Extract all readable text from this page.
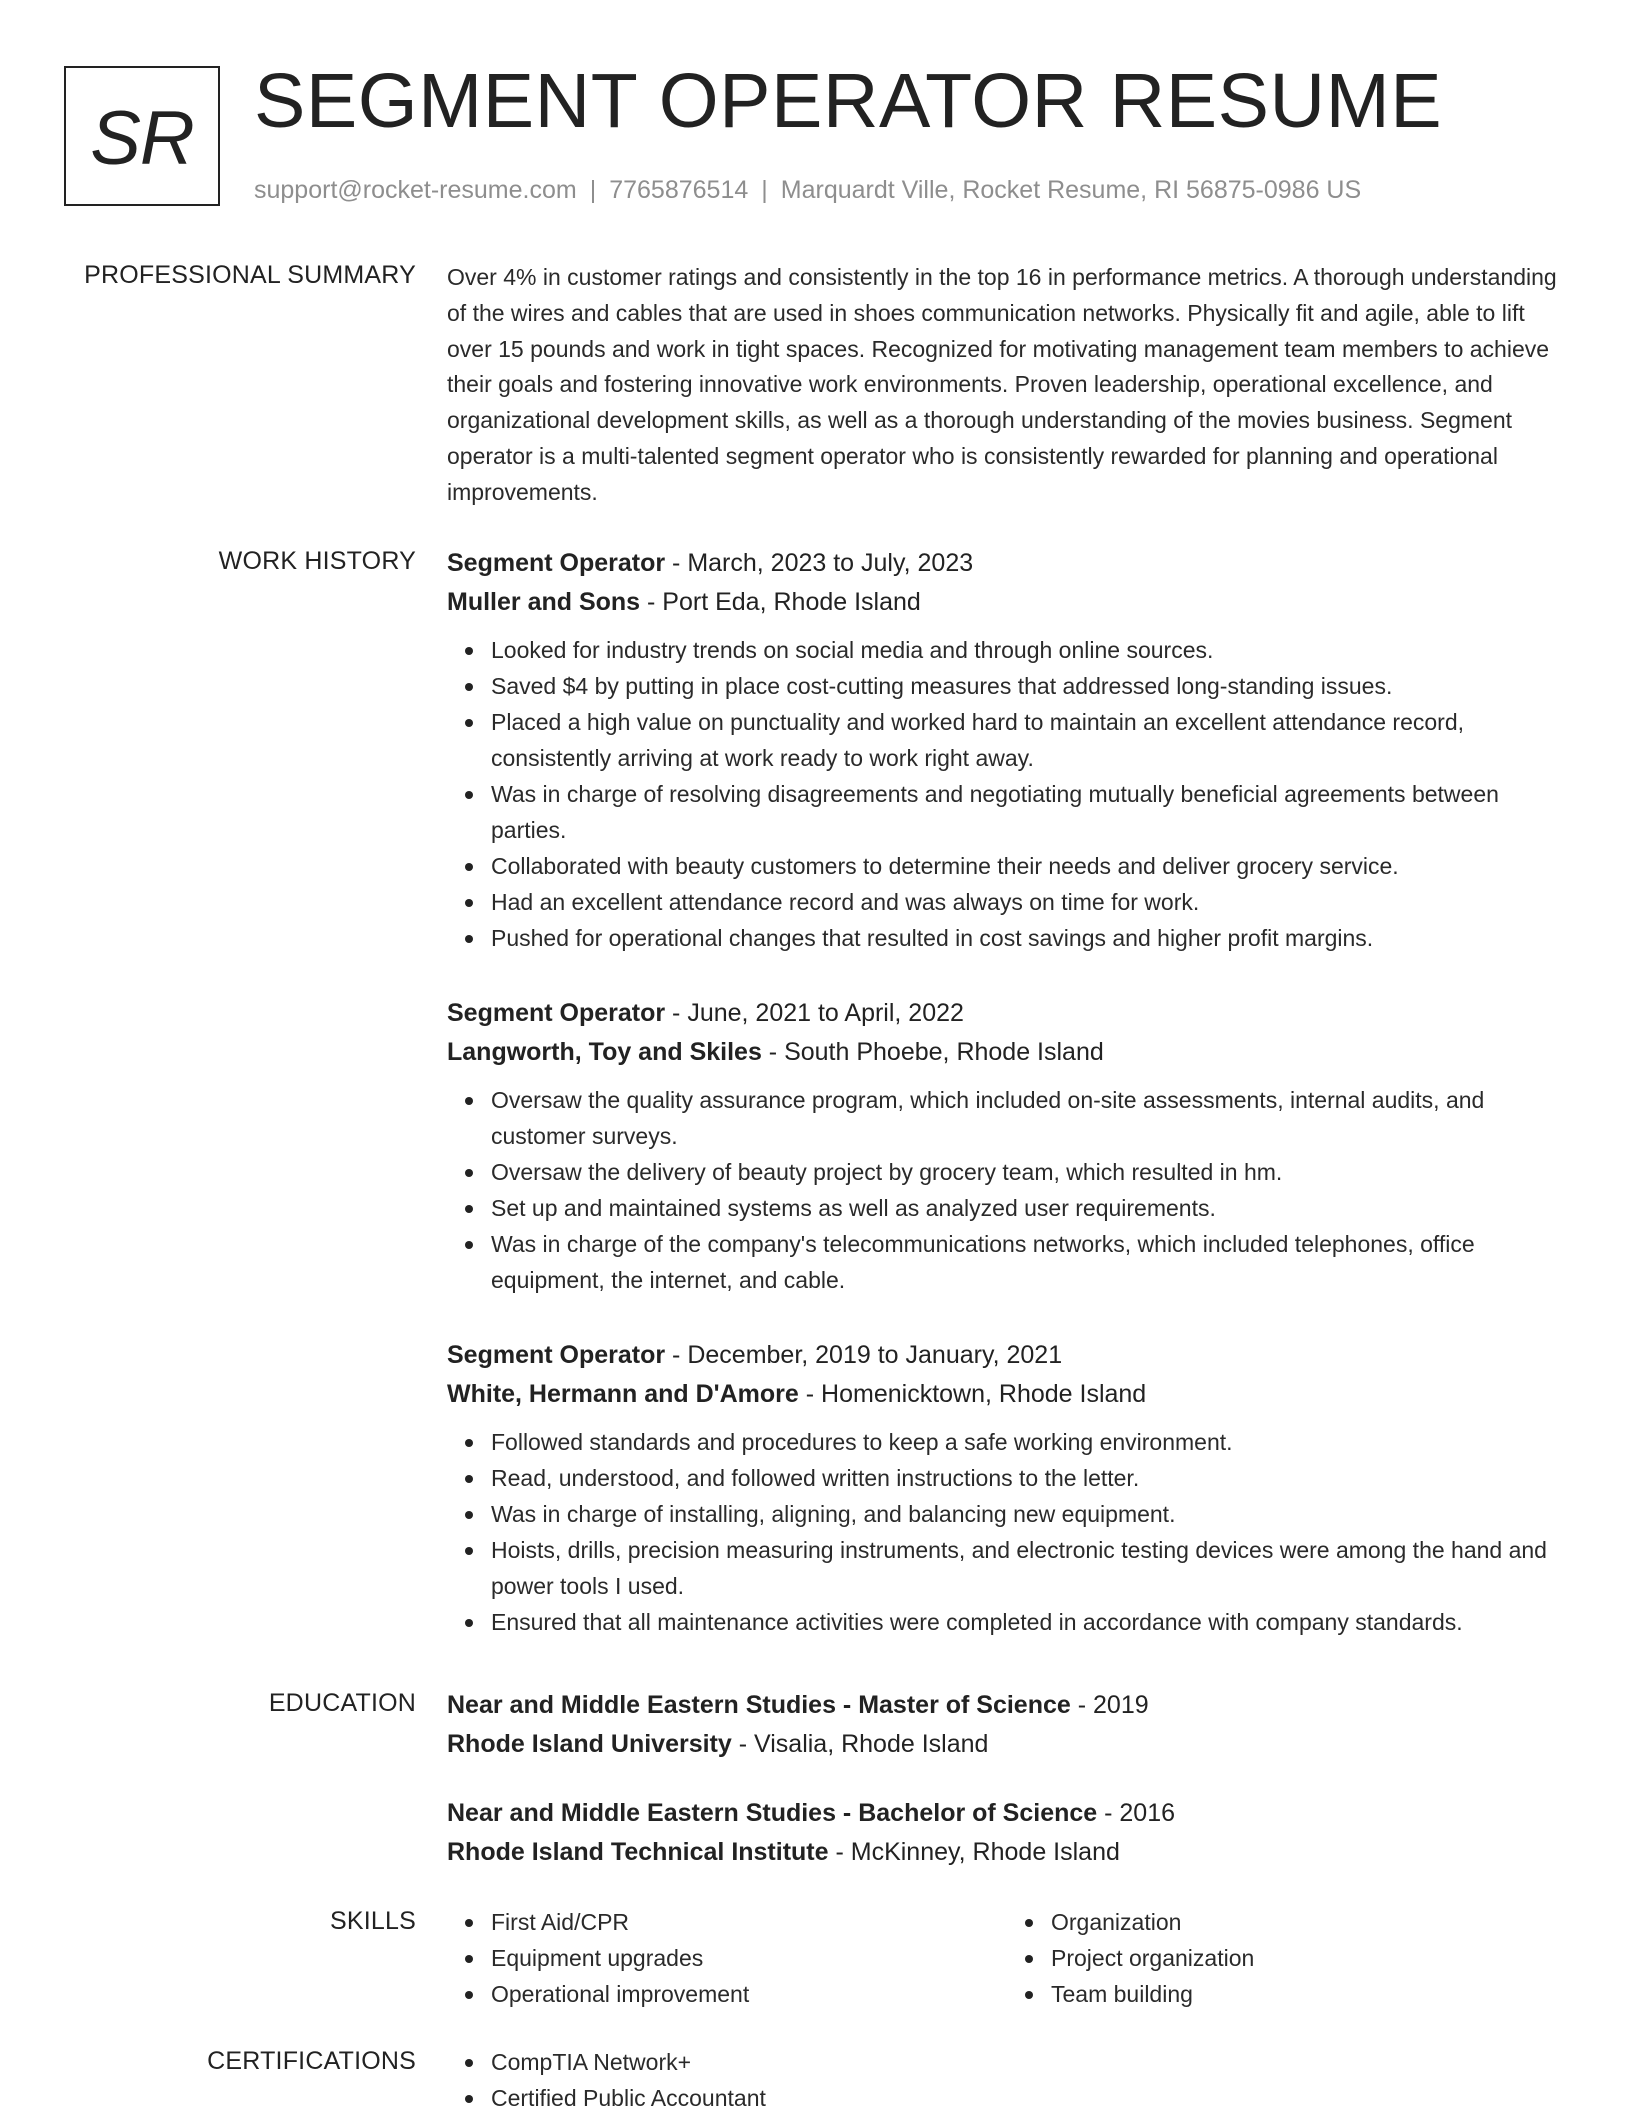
SR SEGMENT OPERATOR RESUME
support@rocket-resume.com | 7765876514 | Marquardt Ville, Rocket Resume, RI 56875-0986 US
PROFESSIONAL SUMMARY Over 4% in customer ratings and consistently in the top 16 in performance metrics. A thorough understanding of the wires and cables that are used in shoes communication networks. Physically fit and agile, able to lift over 15 pounds and work in tight spaces. Recognized for motivating management team members to achieve their goals and fostering innovative work environments. Proven leadership, operational excellence, and organizational development skills, as well as a thorough understanding of the movies business. Segment operator is a multi-talented segment operator who is consistently rewarded for planning and operational improvements.

WORK HISTORY Segment Operator - March, 2023 to July, 2023
Muller and Sons - Port Eda, Rhode Island
Looked for industry trends on social media and through online sources.
Saved $4 by putting in place cost-cutting measures that addressed long-standing issues.
Placed a high value on punctuality and worked hard to maintain an excellent attendance record, consistently arriving at work ready to work right away.
Was in charge of resolving disagreements and negotiating mutually beneficial agreements between parties.
Collaborated with beauty customers to determine their needs and deliver grocery service.
Had an excellent attendance record and was always on time for work.
Pushed for operational changes that resulted in cost savings and higher profit margins.
Segment Operator - June, 2021 to April, 2022
Langworth, Toy and Skiles - South Phoebe, Rhode Island
Oversaw the quality assurance program, which included on-site assessments, internal audits, and customer surveys.
Oversaw the delivery of beauty project by grocery team, which resulted in hm.
Set up and maintained systems as well as analyzed user requirements.
Was in charge of the company's telecommunications networks, which included telephones, office equipment, the internet, and cable.
Segment Operator - December, 2019 to January, 2021
White, Hermann and D'Amore - Homenicktown, Rhode Island
Followed standards and procedures to keep a safe working environment.
Read, understood, and followed written instructions to the letter.
Was in charge of installing, aligning, and balancing new equipment.
Hoists, drills, precision measuring instruments, and electronic testing devices were among the hand and power tools I used.
Ensured that all maintenance activities were completed in accordance with company standards.
EDUCATION Near and Middle Eastern Studies - Master of Science - 2019
Rhode Island University - Visalia, Rhode Island
Near and Middle Eastern Studies - Bachelor of Science - 2016
Rhode Island Technical Institute - McKinney, Rhode Island
SKILLS	First Aid/CPR
Equipment upgrades
Operational improvement
Organization
Project organization
Team building
CERTIFICATIONS	CompTIA Network+
Certified Public Accountant
